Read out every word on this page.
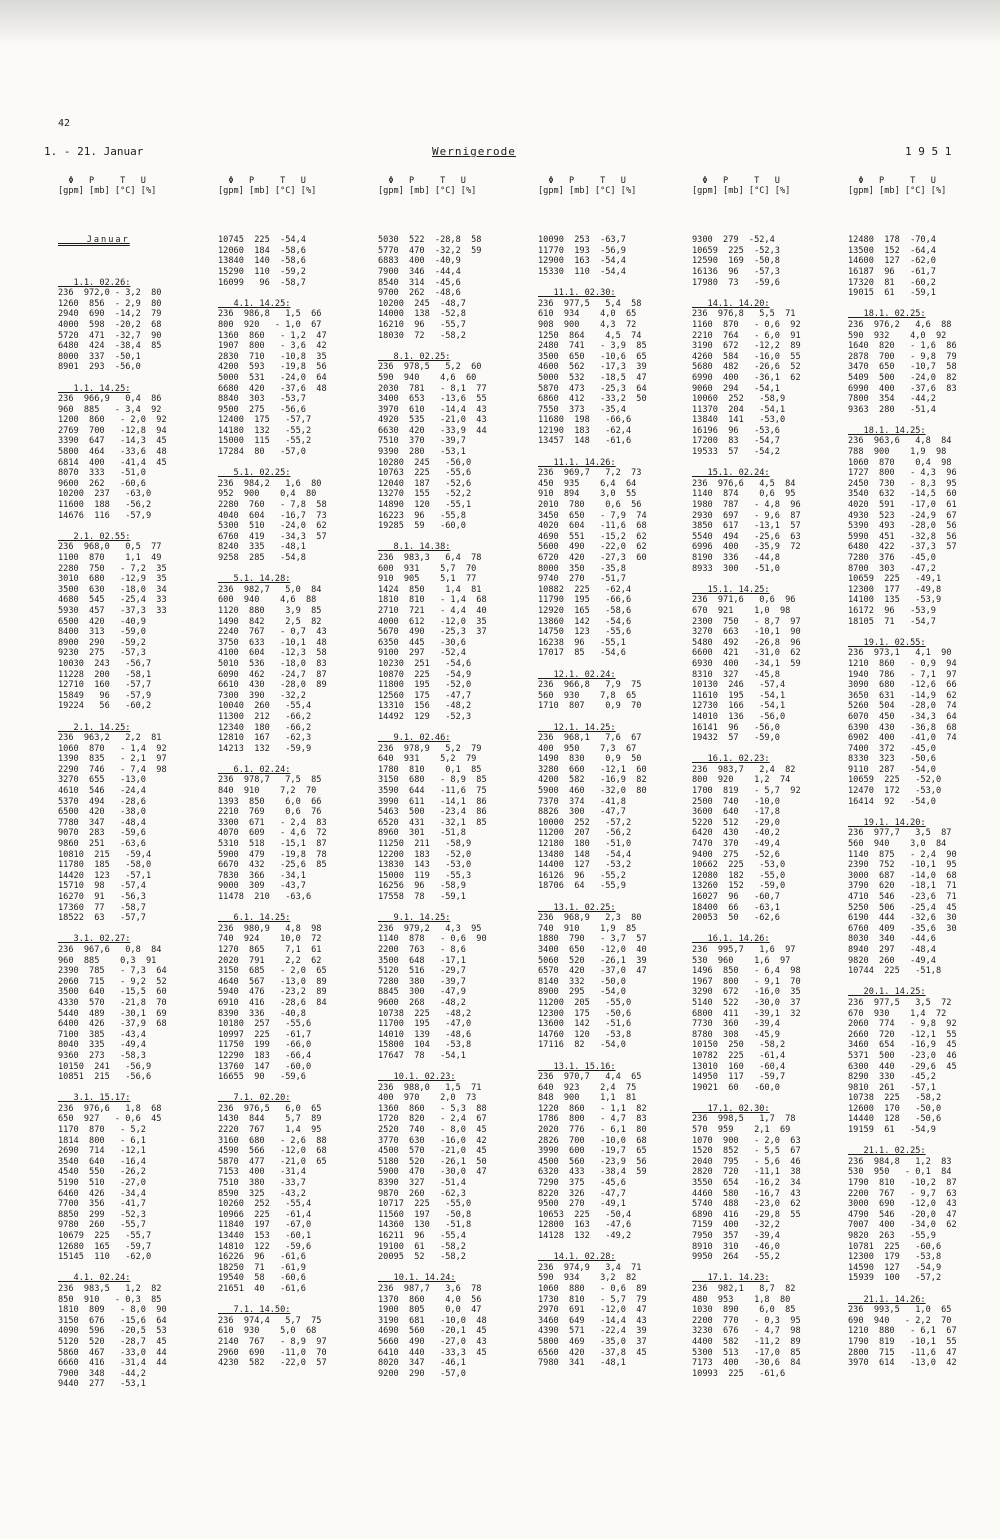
42
1. - 21. Januar	Wernigerode	1 9 5 1
Φ   P     T   U
[gpm] [mb] [°C] [%]
Januar
1.1. 02.26:
236  972,0 - 3,2  80
1260  856  - 2,9  80
2940  690  -14,2  79
4000  598  -20,2  68
5720  471  -32,7  90
6480  424  -38,4  85
8000  337  -50,1
8901  293  -56,0
1.1. 14.25:
236  966,9   0,4  86
960  885   - 3,4  92
1200  860   - 2,0  92
2769  700   -12,8  94
3390  647   -14,3  45
5800  464   -33,6  48
6814  400   -41,4  45
8070  333   -51,0
9600  262   -60,6
10200  237   -63,0
11600  188   -56,2
14676  116   -57,9
2.1. 02.55:
236  968,0   0,5  77
1100  870    1,1  49
2280  750   - 7,2  35
3010  680   -12,9  35
3500  630   -18,0  34
4680  545   -25,4  33
5930  457   -37,3  33
6500  420   -40,9
8400  313   -59,0
8900  290   -59,2
9230  275   -57,3
10030  243   -56,7
11228  200   -58,1
12710  160   -57,7
15849   96   -57,9
19224   56   -60,2
2.1. 14.25:
236  963,2   2,2  81
1060  870   - 1,4  92
1390  835   - 2,1  97
2290  746   - 7,4  98
3270  655   -13,0
4610  546   -24,4
5370  494   -28,6
6500  420   -38,0
7780  347   -48,4
9070  283   -59,6
9860  251   -63,6
10810  215   -59,4
11780  185   -58,0
14420  123   -57,1
15710  98   -57,4
16270  91   -56,3
17360  77   -58,7
18522  63   -57,7
3.1. 02.27:
236  967,6   0,8  84
960  885    0,3  91
2390  785   - 7,3  64
2060  715   - 9,2  52
3500  640   -15,5  60
4330  570   -21,8  70
5440  489   -30,1  69
6400  426   -37,9  68
7100  385   -43,4
8040  335   -49,4
9360  273   -58,3
10150  241   -56,9
10851  215   -56,6
3.1. 15.17:
236  976,6   1,8  68
650  927   - 0,6  45
1170  870   - 5,2
1814  800   - 6,1
2690  714   -12,1
3540  640   -16,4
4540  550   -26,2
5190  510   -27,0
6460  426   -34,4
7700  356   -41,7
8850  299   -52,3
9780  260   -55,7
10679  225   -55,7
12680  165   -59,7
15145  110   -62,0
4.1. 02.24:
236  983,5   1,2  82
850  910   - 0,3  85
1810  809   - 8,0  90
3150  676   -15,6  64
4090  596   -20,5  53
5120  520   -28,7  45
5860  467   -33,0  44
6660  416   -31,4  44
7900  348   -44,2
9440  277   -53,1
Φ   P     T   U
[gpm] [mb] [°C] [%]
10745  225  -54,4
12060  184  -58,6
13840  140  -58,6
15290  110  -59,2
16099   96  -58,7
4.1. 14.25:
236  986,8   1,5  66
800  920   - 1,0  67
1360  860   - 1,2  47
1907  800   - 3,6  42
2830  710   -10,8  35
4200  593   -19,8  56
5000  531   -24,0  64
6680  420   -37,6  48
8840  303   -53,7
9500  275   -56,6
12400  175   -57,7
14180  132   -55,2
15000  115   -55,2
17284  80   -57,0
5.1. 02.25:
236  984,2   1,6  80
952  900    0,4  80
2280  760   - 7,8  58
4040  604   -16,7  73
5300  510   -24,0  62
6760  419   -34,3  57
8240  335   -48,1
9258  285   -54,8
5.1. 14.28:
236  982,7   5,0  84
600  940    4,6  88
1120  880    3,9  85
1490  842    2,5  82
2240  767   - 0,7  43
3750  633   -10,1  48
4100  604   -12,3  58
5010  536   -18,0  83
6090  462   -24,7  87
6610  430   -28,0  89
7300  390   -32,2
10040  260   -55,4
11300  212   -66,2
12340  180   -66,2
12810  167   -62,3
14213  132   -59,9
6.1. 02.24:
236  978,7   7,5  85
840  910    7,2  70
1393  850    6,0  66
2210  769    0,6  76
3300  671   - 2,4  83
4070  609   - 4,6  72
5310  518   -15,1  87
5900  479   -19,8  78
6670  432   -25,6  85
7830  366   -34,1
9000  309   -43,7
11478  210   -63,6
6.1. 14.25:
236  980,9   4,8  98
740  924    10,0  72
1270  865    7,1  61
2020  791    2,2  62
3150  685   - 2,0  65
4640  567   -13,0  89
5940  476   -23,2  89
6910  416   -28,6  84
8390  336   -40,8
10180  257   -55,6
10997  225   -61,7
11750  199   -66,0
12290  183   -66,4
13760  147   -60,0
16655  90   -59,6
7.1. 02.20:
236  976,5   6,0  65
1430  844    5,7  89
2220  767    1,4  95
3160  680   - 2,6  88
4590  566   -12,0  68
5870  477   -21,0  65
7153  400   -31,4
7510  380   -33,7
8590  325   -43,2
10260  252   -55,4
10966  225   -61,4
11840  197   -67,0
13440  153   -60,1
14810  122   -59,6
16226  96   -61,6
18250  71   -61,9
19540  58   -60,6
21651  40   -61,6
7.1. 14.50:
236  974,4   5,7  75
610  930    5,0  68
2140  767   - 8,9  97
2960  690   -11,0  70
4230  582   -22,0  57
Φ   P     T   U
[gpm] [mb] [°C] [%]
5030  522  -28,8  58
5770  470  -32,2  59
6883  400  -40,9
7900  346  -44,4
8540  314  -45,6
9700  262  -48,6
10200  245  -48,7
14000  138  -52,8
16210  96   -55,7
18030  72   -58,2
8.1. 02.25:
236  978,5   5,2  60
590  940    4,6  60
2030  781   - 8,1  77
3400  653   -13,6  55
3970  610   -14,4  43
4920  535   -21,0  43
6630  420   -33,9  44
7510  370   -39,7
9390  280   -53,1
10280  245   -56,0
10763  225   -55,6
12040  187   -52,6
13270  155   -52,2
14890  120   -55,1
16223  96   -55,8
19285  59   -60,0
8.1. 14.38:
236  983,3   6,4  78
600  931    5,7  70
910  905    5,1  77
1424  850    1,4  81
1810  810   - 1,4  68
2710  721   - 4,4  40
4000  612   -12,0  35
5670  490   -25,3  37
6350  445   -30,6
9100  297   -52,4
10230  251   -54,6
10870  225   -54,9
11800  195   -52,0
12560  175   -47,7
13310  156   -48,2
14492  129   -52,3
9.1. 02.46:
236  978,9   5,2  79
640  931    5,2  79
1780  810    0,1  85
3150  680   - 8,9  85
3590  644   -11,6  75
3990  611   -14,1  86
5463  500   -23,4  86
6520  431   -32,1  85
8960  301   -51,8
11250  211   -58,9
12200  183   -52,0
13830  143   -53,0
15000  119   -55,3
16256  96   -58,9
17558  78   -59,1
9.1. 14.25:
236  979,2   4,3  95
1140  878   - 0,6  90
2200  763   - 8,6
3500  648   -17,1
5120  516   -29,7
7280  380   -39,7
8845  300   -47,9
9600  268   -48,2
10738  225   -48,2
11700  195   -47,0
14010  139   -48,6
15800  104   -53,8
17647  78   -54,1
10.1. 02.23:
236  988,0   1,5  71
400  970    2,0  73
1360  860   - 5,3  88
1720  820   - 2,4  67
2520  740   - 8,0  45
3770  630   -16,0  42
4500  570   -21,0  45
5180  520   -26,1  50
5900  470   -30,0  47
8390  327   -51,4
9870  260   -62,3
10717  225   -55,0
11560  197   -50,8
14360  130   -51,8
16211  96   -55,4
19100  61   -58,2
20095  52   -58,2
10.1. 14.24:
236  987,7   3,6  78
1370  860    4,0  56
1900  805    0,0  47
3190  681   -10,0  48
4690  560   -20,1  45
5660  490   -27,0  43
6410  440   -33,3  45
8020  347   -46,1
9200  290   -57,0
Φ   P     T   U
[gpm] [mb] [°C] [%]
10090  253  -63,7
11770  193  -56,9
12900  163  -54,4
15330  110  -54,4
11.1. 02.30:
236  977,5   5,4  58
610  934    4,0  65
908  900    4,3  72
1250  864    4,5  74
2480  741   - 3,9  85
3500  650   -10,6  65
4600  562   -17,3  39
5000  532   -18,5  47
5870  473   -25,3  64
6860  412   -33,2  50
7550  373   -35,4
11680  198   -66,6
12190  183   -62,4
13457  148   -61,6
11.1. 14.26:
236  969,7   7,2  73
450  935    6,4  64
910  894    3,0  55
2010  780    0,6  56
3450  650   - 7,9  74
4020  604   -11,6  68
4690  551   -15,2  62
5600  490   -22,0  62
6720  420   -27,3  60
8000  350   -35,8
9740  270   -51,7
10882  225   -62,4
11790  195   -66,6
12920  165   -58,6
13860  142   -54,6
14750  123   -55,6
16238  96   -55,1
17017  85   -54,6
12.1. 02.24:
236  966,8   7,9  75
560  930    7,8  65
1710  807    0,9  70
12.1. 14.25:
236  968,1   7,6  67
400  950    7,3  67
1490  830    0,9  50
3280  660   -12,1  60
4200  582   -16,9  82
5900  460   -32,0  80
7370  374   -41,8
8826  300   -47,7
10000  252   -57,2
11200  207   -56,2
12180  180   -51,0
13480  148   -54,4
14400  127   -53,2
16126  96   -55,2
18706  64   -55,9
13.1. 02.25:
236  968,9   2,3  80
740  910    1,9  85
1880  790   - 3,7  57
3400  650   -12,0  40
5060  520   -26,1  39
6570  420   -37,0  47
8140  332   -50,0
8900  295   -54,0
11200  205   -55,0
12300  175   -50,6
13600  142   -51,6
14760  120   -53,8
17116  82   -54,0
13.1. 15.16:
236  970,7   4,4  65
640  923    2,4  75
848  900    1,1  81
1220  860   - 1,1  82
1786  800   - 4,7  83
2020  776   - 6,1  80
2826  700   -10,0  68
3990  600   -19,7  65
4500  560   -23,9  56
6320  433   -38,4  59
7290  375   -45,6
8220  326   -47,7
9500  270   -49,1
10653  225   -50,4
12800  163   -47,6
14128  132   -49,2
14.1. 02.28:
236  974,9   3,4  71
590  934    3,2  82
1060  880   - 0,6  89
1730  810   - 5,7  79
2970  691   -12,0  47
3460  649   -14,4  43
4390  571   -22,4  39
5800  469   -35,0  37
6560  420   -37,8  45
7980  341   -48,1
Φ   P     T   U
[gpm] [mb] [°C] [%]
9300  279  -52,4
10659  225  -52,3
12590  169  -50,8
16136  96   -57,3
17980  73   -59,6
14.1. 14.20:
236  976,8   5,5  71
1160  870   - 0,6  92
2210  764   - 6,0  91
3190  672   -12,2  89
4260  584   -16,0  55
5680  482   -26,6  52
6990  400   -36,1  62
9060  294   -54,1
10060  252   -58,9
11370  204   -54,1
13840  141   -53,0
16196  96   -53,6
17200  83   -54,7
19533  57   -54,2
15.1. 02.24:
236  976,6   4,5  84
1140  874    0,6  95
1980  787   - 4,8  96
2930  697   - 9,6  87
3850  617   -13,1  57
5540  494   -25,6  63
6996  400   -35,9  72
8190  336   -44,8
8933  300   -51,0
15.1. 14.25:
236  971,6   0,6  96
670  921    1,0  98
2300  750   - 8,7  97
3270  663   -10,1  90
5480  492   -26,8  96
6600  421   -31,0  62
6930  400   -34,1  59
8310  327   -45,8
10130  246   -57,4
11610  195   -54,1
12730  166   -54,1
14010  136   -56,0
16141  96   -56,0
19432  57   -59,0
16.1. 02.23:
236  983,7   2,4  82
800  920    1,2  74
1700  819   - 5,7  92
2500  740   -10,0
3600  640   -17,8
5220  512   -29,0
6420  430   -40,2
7470  370   -49,4
9400  275   -52,6
10662  225   -53,0
12080  182   -55,0
13260  152   -59,0
16027  96   -60,7
18400  66   -63,1
20053  50   -62,6
16.1. 14.26:
236  995,7   1,6  97
530  960    1,6  97
1496  850   - 6,4  98
1967  800   - 9,1  70
3290  672   -16,0  35
5140  522   -30,0  37
6800  411   -39,1  32
7730  360   -39,4
8780  308   -45,9
10150  250   -58,2
10782  225   -61,4
13010  160   -60,4
14950  117   -59,7
19021  60   -60,0
17.1. 02.30:
236  998,5   1,7  78
570  959    2,1  69
1070  900   - 2,0  63
1520  852   - 5,5  67
2040  795   - 5,6  46
2820  720   -11,1  38
3550  654   -16,2  34
4460  580   -16,7  43
5740  488   -23,0  62
6890  416   -29,8  55
7159  400   -32,2
7950  357   -39,4
8910  310   -46,0
9950  264   -55,2
17.1. 14.23:
236  982,1   8,7  82
480  953    1,8  80
1030  890    6,0  85
2200  770   - 0,3  95
3230  676   - 4,7  98
4400  582   -11,2  89
5300  513   -17,0  85
7173  400   -30,6  84
10993  225   -61,6
Φ   P     T   U
[gpm] [mb] [°C] [%]
12480  178  -70,4
13500  152  -64,4
14600  127  -62,0
16187  96   -61,7
17320  81   -60,2
19015  61   -59,1
18.1. 02.25:
236  976,2   4,6  88
590  932    4,0  92
1640  820   - 1,6  86
2878  700   - 9,8  79
3470  650   -10,7  58
5409  500   -24,0  82
6990  400   -37,6  83
7800  354   -44,2
9363  280   -51,4
18.1. 14.25:
236  963,6   4,8  84
788  900    1,9  98
1060  870    0,4  98
1727  800   - 4,3  96
2450  730   - 8,3  95
3540  632   -14,5  60
4020  591   -17,0  61
4930  523   -24,9  67
5390  493   -28,0  56
5990  451   -32,8  56
6480  422   -37,3  57
7280  376   -45,0
8700  303   -47,2
10659  225   -49,1
12300  177   -49,8
14100  135   -53,9
16172  96   -53,9
18105  71   -54,7
19.1. 02.55:
236  973,1   4,1  90
1210  860   - 0,9  94
1940  786   - 7,1  97
3090  680   -12,6  66
3650  631   -14,9  62
5260  504   -28,0  74
6070  450   -34,3  64
6390  430   -36,8  68
6902  400   -41,0  74
7400  372   -45,0
8330  323   -50,6
9110  287   -54,0
10659  225   -52,0
12470  172   -53,0
16414  92   -54,0
19.1. 14.20:
236  977,7   3,5  87
560  940    3,0  84
1140  875   - 2,4  90
2390  752   -10,1  95
3000  687   -14,0  68
3790  620   -18,1  71
4710  546   -23,6  71
5250  506   -25,4  45
6190  444   -32,6  30
6760  409   -35,6  30
8030  340   -44,6
8940  297   -48,4
9820  260   -49,4
10744  225   -51,8
20.1. 14.25:
236  977,5   3,5  72
670  930    1,4  72
2060  774   - 9,8  92
2660  720   -12,1  55
3460  654   -16,9  45
5371  500   -23,0  46
6300  440   -29,6  45
8290  330   -45,2
9810  261   -57,1
10738  225   -58,2
12600  170   -50,0
14440  128   -50,6
19159  61   -54,9
21.1. 02.25:
236  984,8   1,2  83
530  950   - 0,1  84
1790  810   -10,2  87
2200  767   - 9,7  63
3000  690   -12,0  43
4790  546   -20,0  47
7007  400   -34,0  62
9820  263   -55,9
10781  225   -60,6
12300  179   -53,8
14590  127   -54,9
15939  100   -57,2
21.1. 14.26:
236  993,5   1,0  65
690  940   - 2,2  70
1210  880   - 6,1  67
1790  819   -10,1  55
2800  715   -11,6  47
3970  614   -13,0  42
